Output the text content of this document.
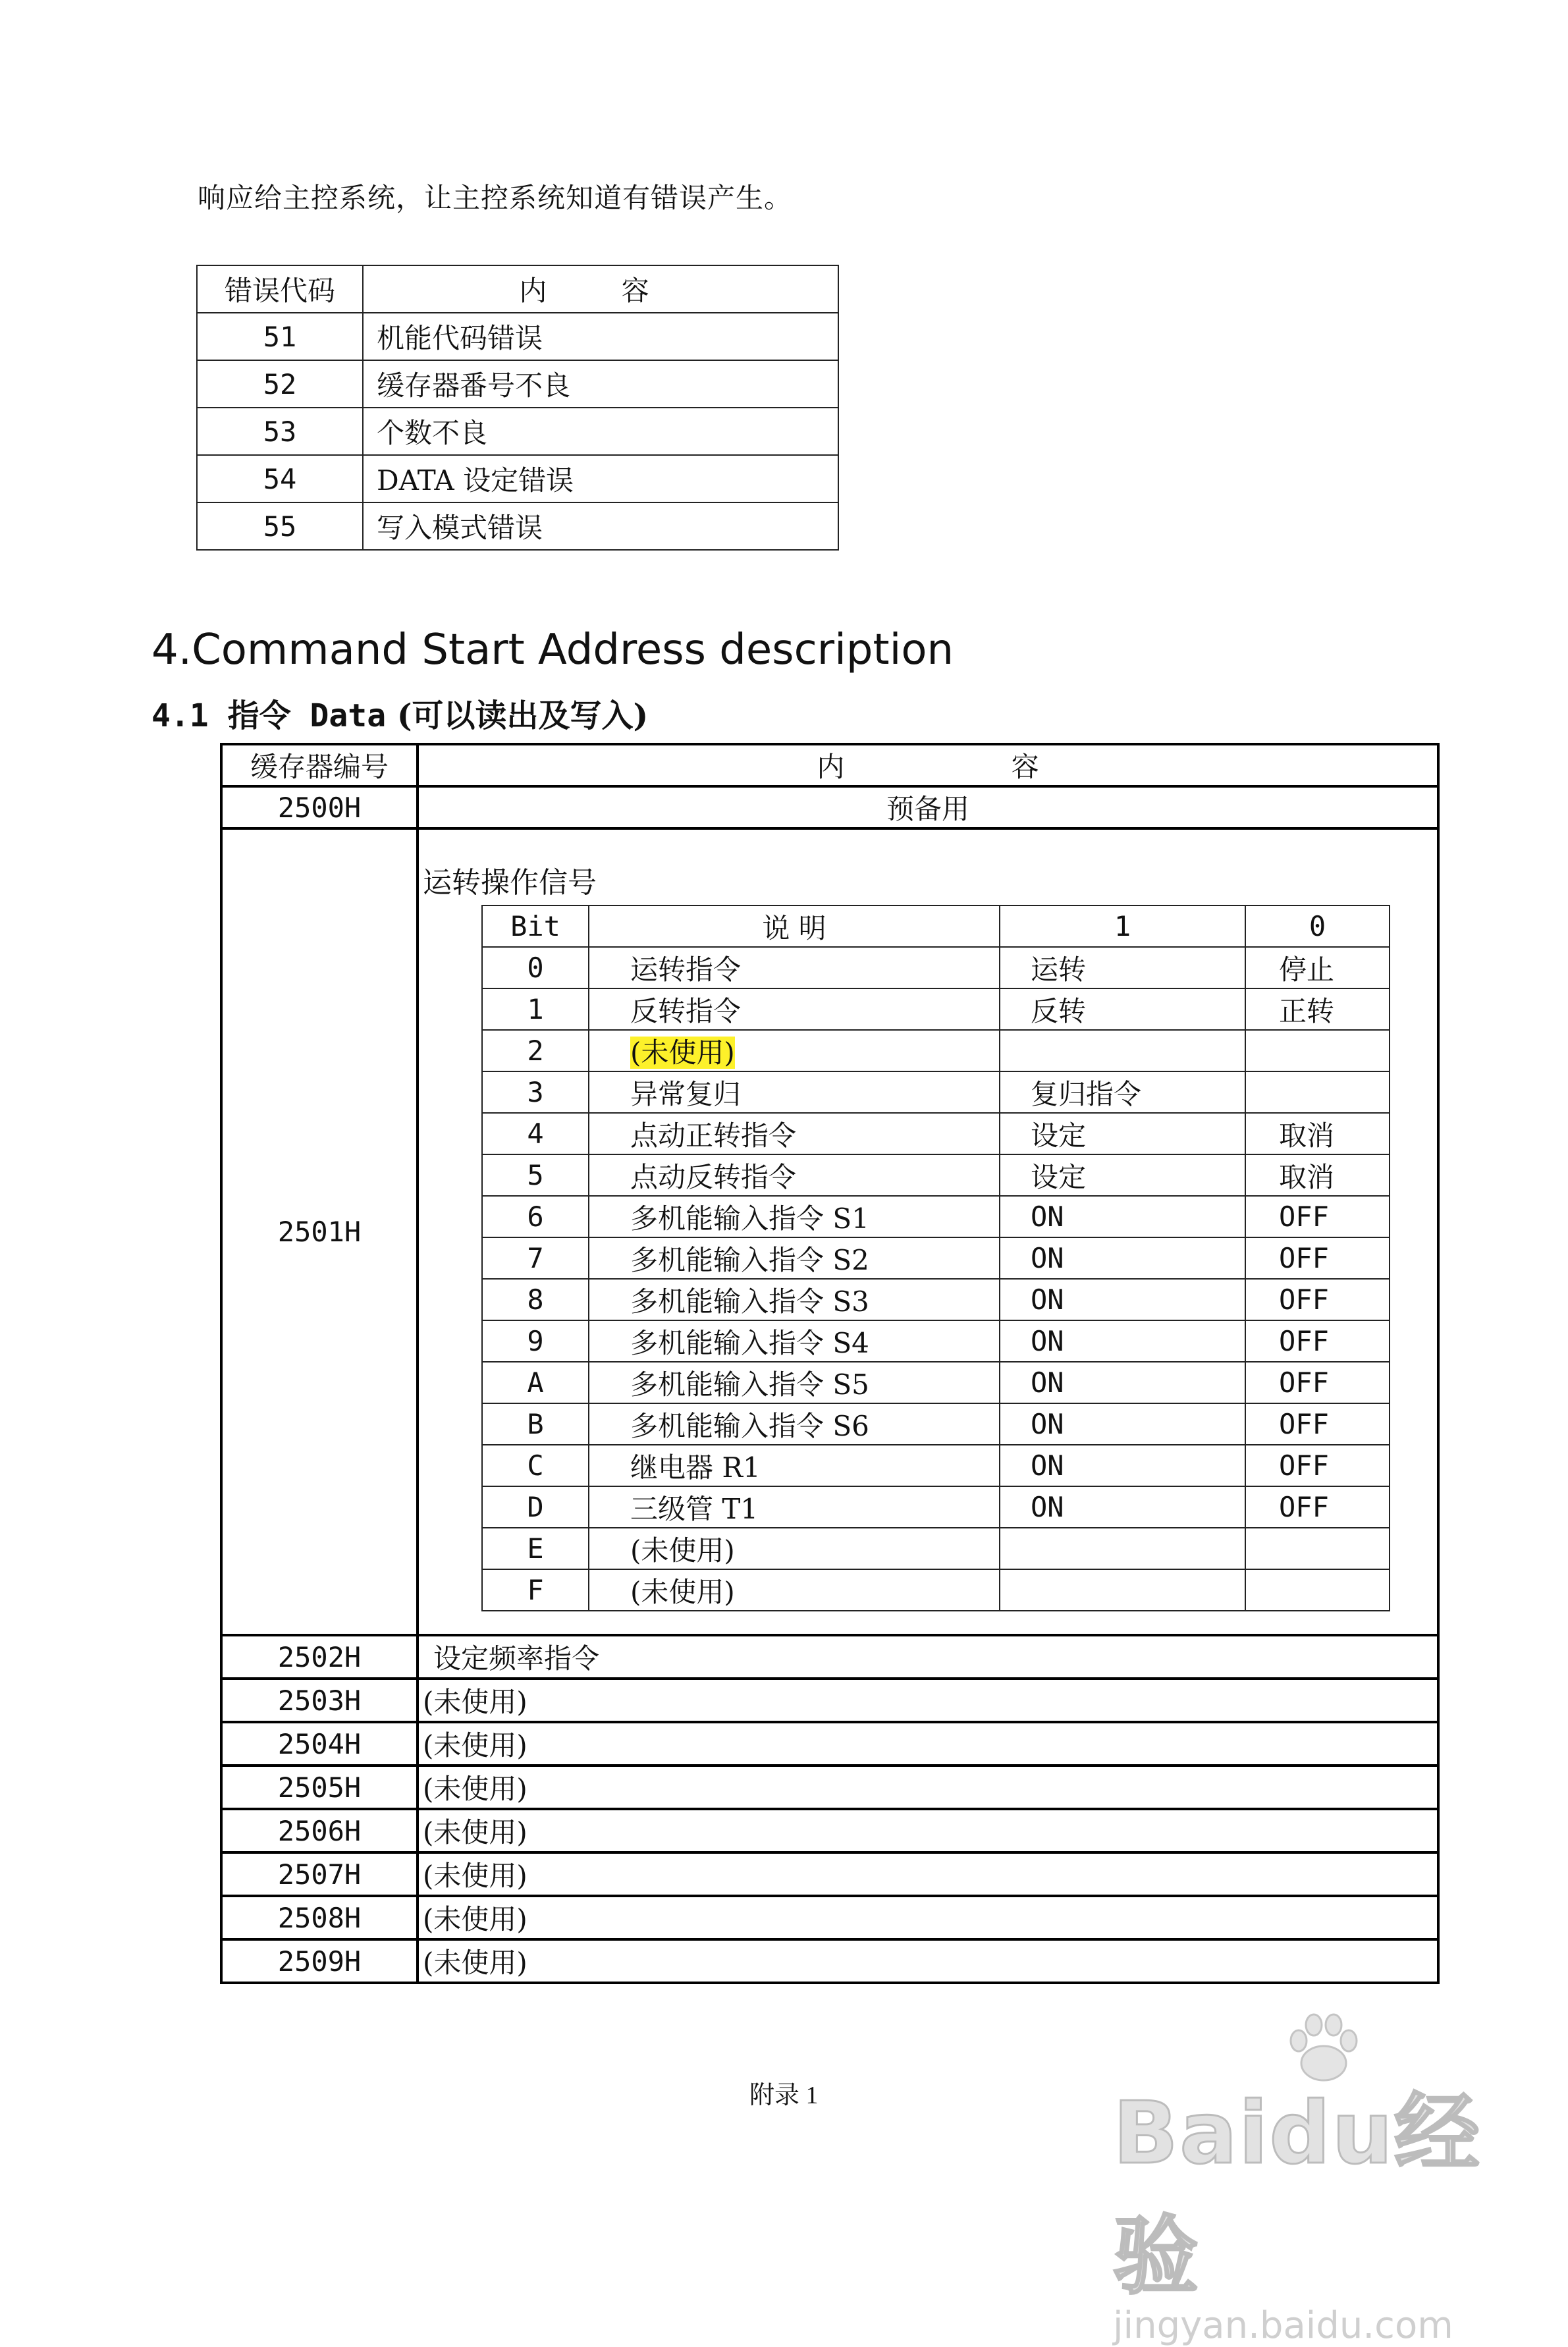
响应给主控系统，让主控系统知道有错误产生。
错误代码	内 容
51	机能代码错误
52	缓存器番号不良
53	个数不良
54	DATA 设定错误
55	写入模式错误
4.Command Start Address description
4.1 指令 Data (可以读出及写入)
缓存器编号	内 容
2500H	预备用
2501H	
运转操作信号
Bit	说 明	1	0
0	运转指令	运转	停止
1	反转指令	反转	正转
2	(未使用)		
3	异常复归	复归指令	
4	点动正转指令	设定	取消
5	点动反转指令	设定	取消
6	多机能输入指令 S1	ON	OFF
7	多机能输入指令 S2	ON	OFF
8	多机能输入指令 S3	ON	OFF
9	多机能输入指令 S4	ON	OFF
A	多机能输入指令 S5	ON	OFF
B	多机能输入指令 S6	ON	OFF
C	继电器 R1	ON	OFF
D	三级管 T1	ON	OFF
E	(未使用)		
F	(未使用)		

2502H	设定频率指令
2503H	(未使用)
2504H	(未使用)
2505H	(未使用)
2506H	(未使用)
2507H	(未使用)
2508H	(未使用)
2509H	(未使用)
附录 1	Baidu经验
jingyan.baidu.com
